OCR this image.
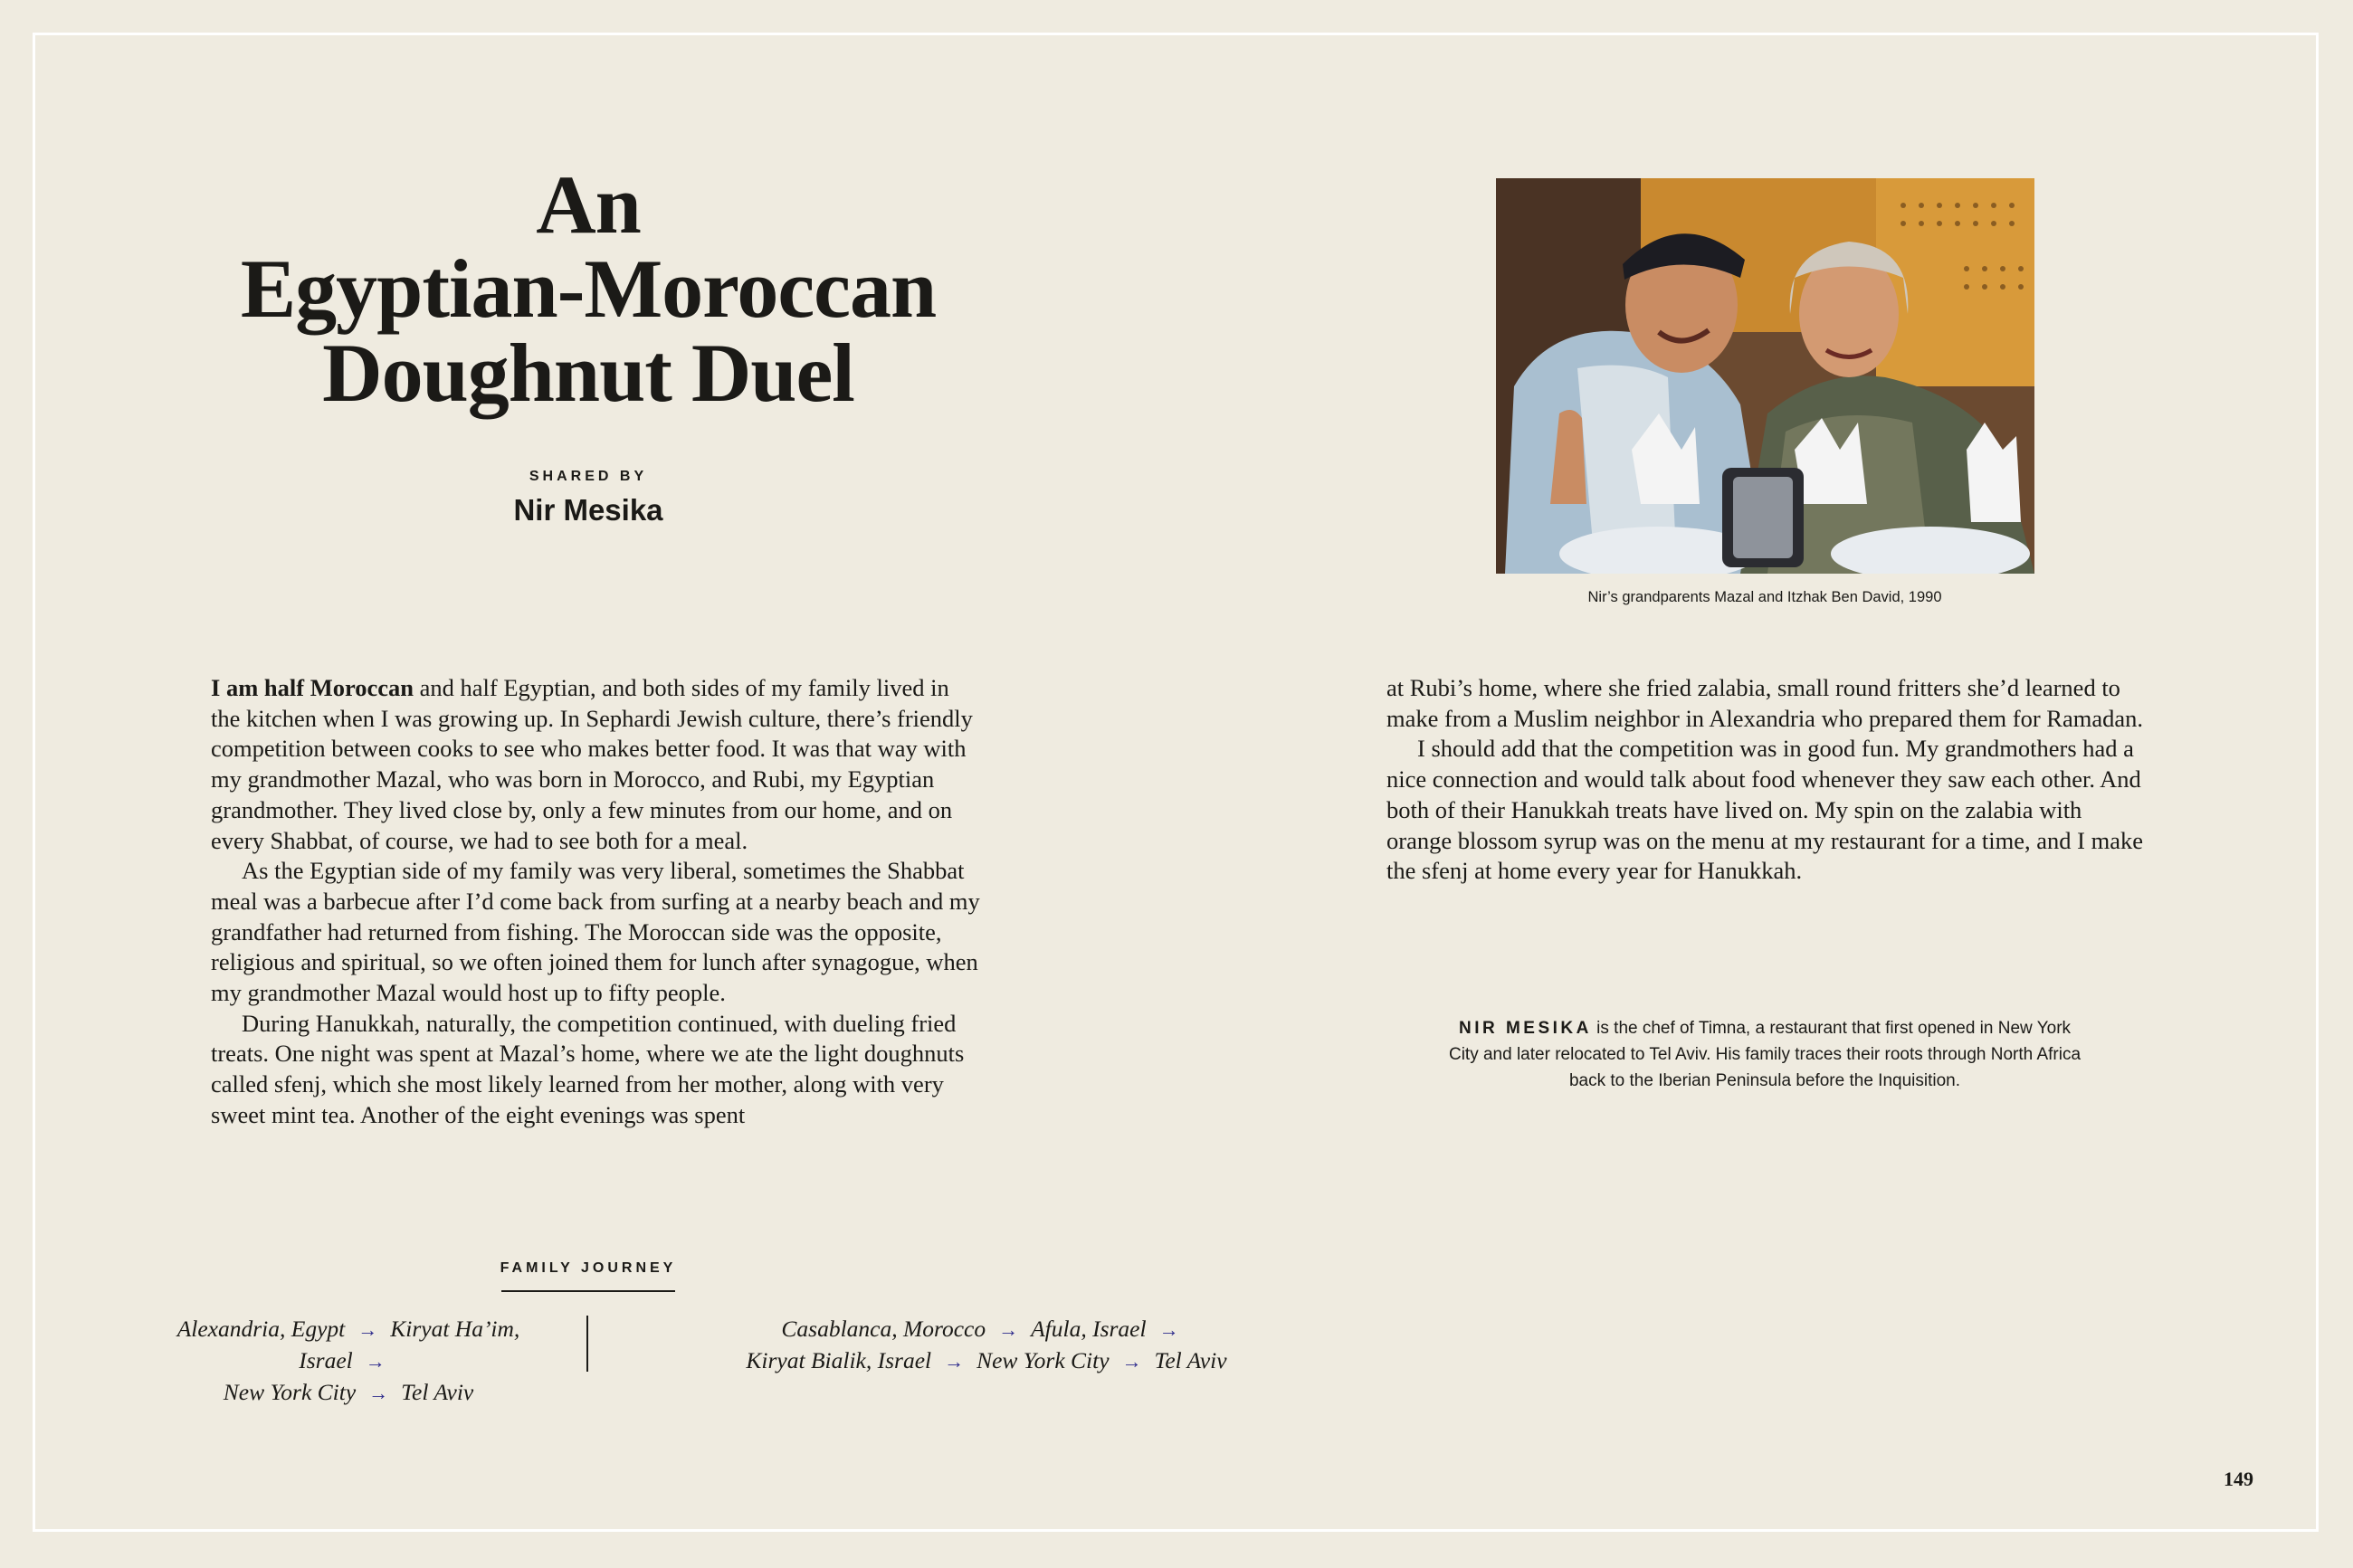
An
Egyptian-Moroccan
Doughnut Duel
SHARED BY
Nir Mesika
Nir’s grandparents Mazal and Itzhak Ben David, 1990

I am half Moroccan and half Egyptian, and both sides of my family lived in the kitchen when I was growing up. In Sephardi Jewish culture, there’s friendly competition between cooks to see who makes better food. It was that way with my grandmother Mazal, who was born in Morocco, and Rubi, my Egyptian grandmother. They lived close by, only a few minutes from our home, and on every Shabbat, of course, we had to see both for a meal.

As the Egyptian side of my family was very liberal, sometimes the Shabbat meal was a barbecue after I’d come back from surfing at a nearby beach and my grandfather had returned from fishing. The Moroccan side was the opposite, religious and spiritual, so we often joined them for lunch after synagogue, when my grandmother Mazal would host up to fifty people.

During Hanukkah, naturally, the competition continued, with dueling fried treats. One night was spent at Mazal’s home, where we ate the light doughnuts called sfenj, which she most likely learned from her mother, along with very sweet mint tea. Another of the eight evenings was spent

at Rubi’s home, where she fried zalabia, small round fritters she’d learned to make from a Muslim neighbor in Alexandria who prepared them for Ramadan.

I should add that the competition was in good fun. My grandmothers had a nice connection and would talk about food whenever they saw each other. And both of their Hanukkah treats have lived on. My spin on the zalabia with orange blossom syrup was on the menu at my restaurant for a time, and I make the sfenj at home every year for Hanukkah.

NIR MESIKA is the chef of Timna, a restaurant that first opened in New York City and later relocated to Tel Aviv. His family traces their roots through North Africa back to the Iberian Peninsula before the Inquisition.
FAMILY JOURNEY
Alexandria, Egypt → Kiryat Ha’im, Israel →
New York City → Tel Aviv
Casablanca, Morocco → Afula, Israel →
Kiryat Bialik, Israel → New York City → Tel Aviv
149
